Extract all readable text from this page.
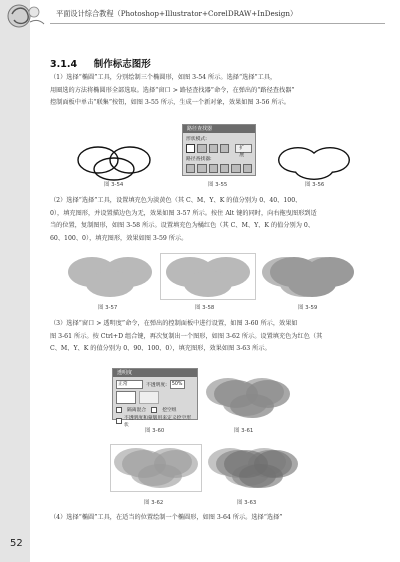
平面设计综合教程（Photoshop+Illustrator+CorelDRAW+InDesign）
3.1.4 制作标志图形
（1）选择“椭圆”工具，分别绘制三个椭圆形，如图 3-54 所示。选择“选择”工具，
用圈选的方法将椭圆形全部选取。选择“窗口 > 路径查找器”命令，在弹出的“路径查找器”
控制面板中单击“联集”按钮，如图 3-55 所示，生成一个新对象，效果如图 3-56 所示。
图 3-54
路径查找器
形状模式:
扩展
路径查找器:
图 3-55	图 3-56
（2）选择“选择”工具，设置填充色为淡黄色（其 C、M、Y、K 的值分别为 0、40、100、
0），填充图形，并设置描边色为无，效果如图 3-57 所示。按住 Alt 键的同时，向右拖曳图形到适
当的位置，复制图形，如图 3-58 所示。设置填充色为橘红色（其 C、M、Y、K 的值分别为 0、
60、100、0），填充图形，效果如图 3-59 所示。
图 3-57	图 3-58	图 3-59
（3）选择“窗口 > 透明度”命令，在弹出的控制面板中进行设置，如图 3-60 所示，效果如
图 3-61 所示。按 Ctrl+D 组合键，再次复制出一个图形，如图 3-62 所示。设置填充色为红色（其
C、M、Y、K 的值分别为 0、90、100、0），填充图形，效果如图 3-63 所示。
透明度
正常	不透明度:	50%
隔离混合	挖空组
不透明度和蒙版用来定义挖空形状
图 3-60	图 3-61
图 3-62	图 3-63
（4）选择“椭圆”工具，在适当的位置绘制一个椭圆形，如图 3-64 所示。选择“选择”
52
